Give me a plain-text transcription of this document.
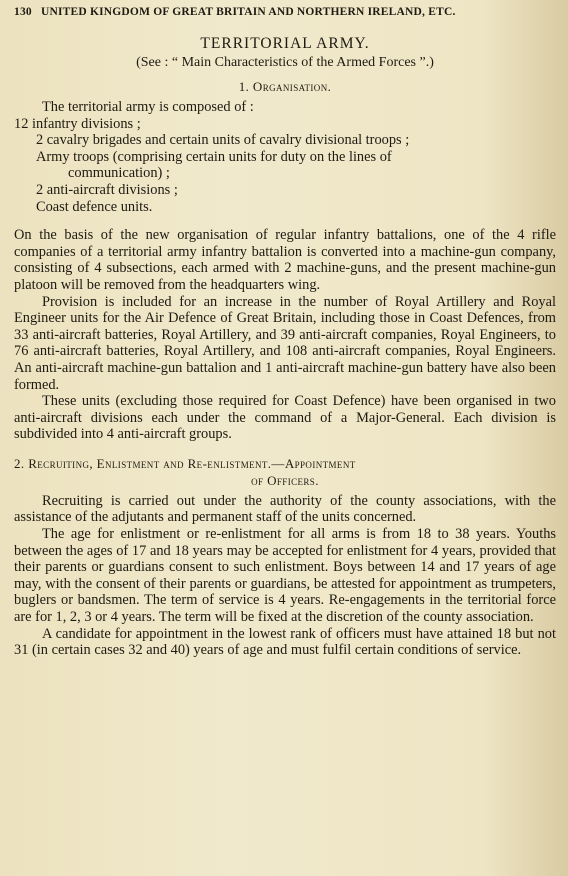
130 UNITED KINGDOM OF GREAT BRITAIN AND NORTHERN IRELAND, ETC.
TERRITORIAL ARMY.
(See : “ Main Characteristics of the Armed Forces ”.)
1. Organisation.

The territorial army is composed of :

12 infantry divisions ;
2 cavalry brigades and certain units of cavalry divisional troops ;
Army troops (comprising certain units for duty on the lines of
communication) ;
2 anti-aircraft divisions ;
Coast defence units.

On the basis of the new organisation of regular infantry battalions, one of the 4 rifle companies of a territorial army infantry battalion is converted into a machine-gun company, consisting of 4 subsections, each armed with 2 machine-guns, and the present machine-gun platoon will be removed from the headquarters wing.

Provision is included for an increase in the number of Royal Artillery and Royal Engineer units for the Air Defence of Great Britain, including those in Coast Defences, from 33 anti-aircraft batteries, Royal Artillery, and 39 anti-aircraft companies, Royal Engineers, to 76 anti-aircraft batteries, Royal Artillery, and 108 anti-aircraft companies, Royal Engineers. An anti-aircraft machine-gun battalion and 1 anti-aircraft machine-gun battery have also been formed.

These units (excluding those required for Coast Defence) have been organised in two anti-aircraft divisions each under the command of a Major-General. Each division is subdivided into 4 anti-aircraft groups.

2. Recruiting, Enlistment and Re-enlistment.—Appointment
of Officers.

Recruiting is carried out under the authority of the county associations, with the assistance of the adjutants and permanent staff of the units concerned.

The age for enlistment or re-enlistment for all arms is from 18 to 38 years. Youths between the ages of 17 and 18 years may be accepted for enlistment for 4 years, provided that their parents or guardians consent to such enlistment. Boys between 14 and 17 years of age may, with the consent of their parents or guardians, be attested for appointment as trumpeters, buglers or bandsmen. The term of service is 4 years. Re-engagements in the territorial force are for 1, 2, 3 or 4 years. The term will be fixed at the discretion of the county association.

A candidate for appointment in the lowest rank of officers must have attained 18 but not 31 (in certain cases 32 and 40) years of age and must fulfil certain conditions of service.
